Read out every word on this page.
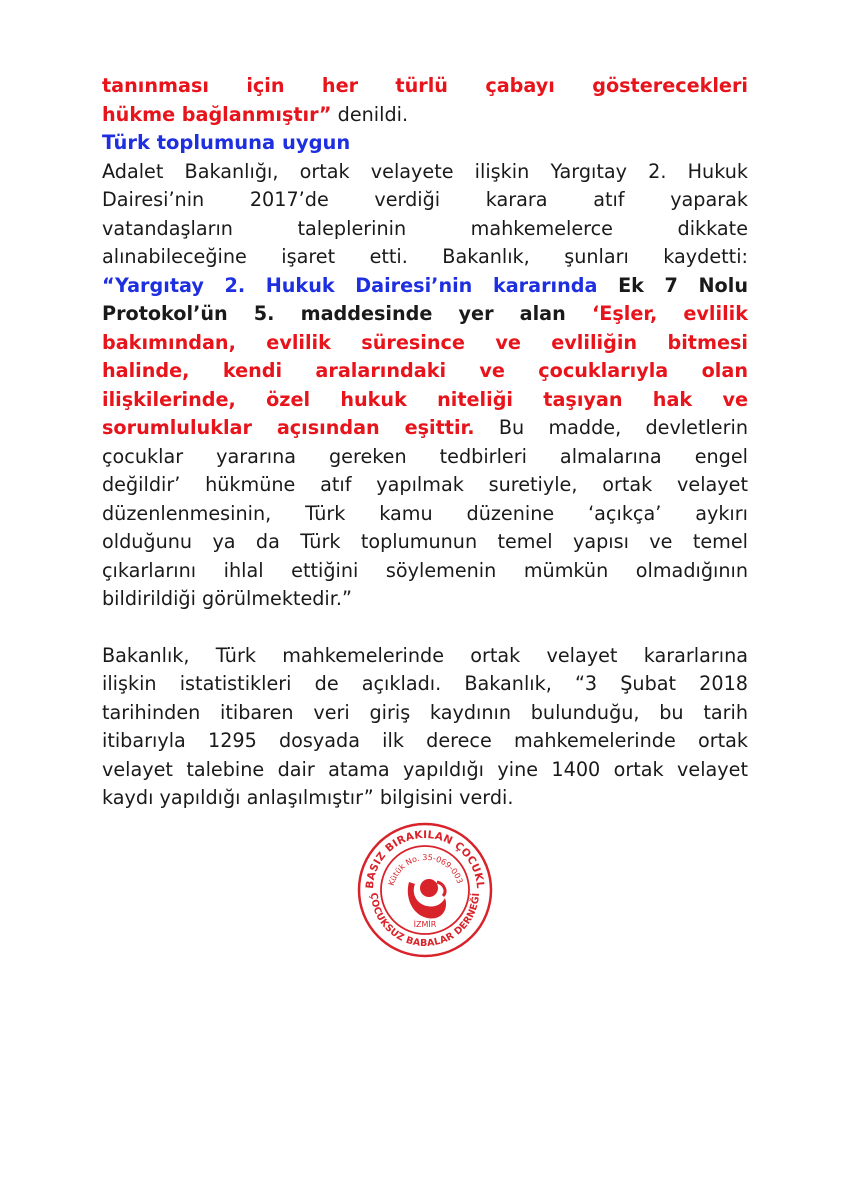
tanınması için her türlü çabayı gösterecekleri
hükme bağlanmıştır” denildi.
Türk toplumuna uygun
Adalet Bakanlığı, ortak velayete ilişkin Yargıtay 2. Hukuk
Dairesi’nin 2017’de verdiği karara atıf yaparak
vatandaşların taleplerinin mahkemelerce dikkate
alınabileceğine işaret etti. Bakanlık, şunları kaydetti:
“Yargıtay 2. Hukuk Dairesi’nin kararında Ek 7 Nolu
Protokol’ün 5. maddesinde yer alan ‘Eşler, evlilik
bakımından, evlilik süresince ve evliliğin bitmesi
halinde, kendi aralarındaki ve çocuklarıyla olan
ilişkilerinde, özel hukuk niteliği taşıyan hak ve
sorumluluklar açısından eşittir. Bu madde, devletlerin
çocuklar yararına gereken tedbirleri almalarına engel
değildir’ hükmüne atıf yapılmak suretiyle, ortak velayet
düzenlenmesinin, Türk kamu düzenine ‘açıkça’ aykırı
olduğunu ya da Türk toplumunun temel yapısı ve temel
çıkarlarını ihlal ettiğini söylemenin mümkün olmadığının
bildirildiği görülmektedir.”
Bakanlık, Türk mahkemelerinde ortak velayet kararlarına
ilişkin istatistikleri de açıkladı. Bakanlık, “3 Şubat 2018
tarihinden itibaren veri giriş kaydının bulunduğu, bu tarih
itibarıyla 1295 dosyada ilk derece mahkemelerinde ortak
velayet talebine dair atama yapıldığı yine 1400 ortak velayet
kaydı yapıldığı anlaşılmıştır” bilgisini verdi.
BASIZ BIRAKILAN ÇOCUKL
ÇOCUKSUZ BABALAR DERNEĞİ
Kütük No. 35-069-003
İZMİR
